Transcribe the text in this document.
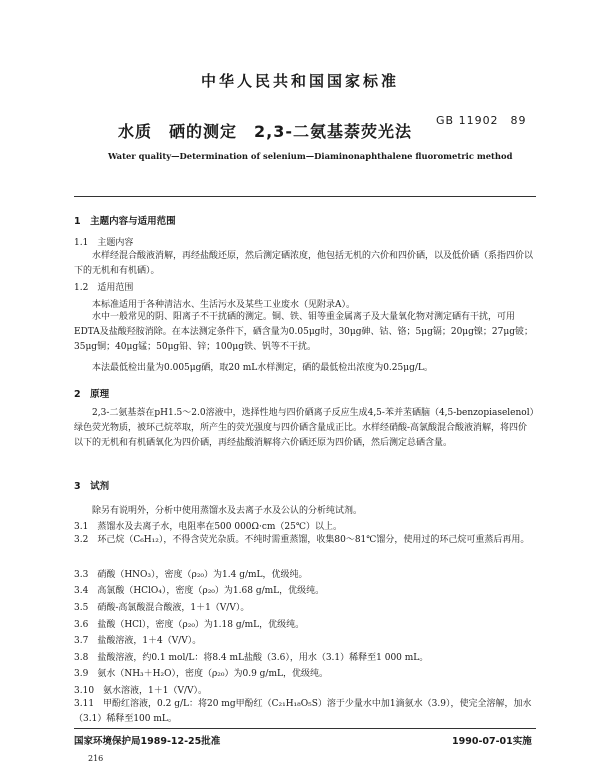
中华人民共和国国家标准
水质　硒的测定　2,3-二氨基萘荧光法
GB 11902　89
Water quality—Determination of selenium—Diaminonaphthalene fluorometric method
1　主题内容与适用范围
1.1　主题内容
水样经混合酸液消解，再经盐酸还原，然后测定硒浓度，他包括无机的六价和四价硒，以及低价硒（系指四价以下的无机和有机硒）。
1.2　适用范围
本标准适用于各种清洁水、生活污水及某些工业废水（见附录A）。
水中一般常见的阴、阳离子不干扰硒的测定。铜、铁、钼等重金属离子及大量氧化物对测定硒有干扰，可用EDTA及盐酸羟胺消除。在本法测定条件下，硒含量为0.05μg时，30μg砷、钴、铬；5μg镉；20μg镍；27μg铍；35μg铜；40μg锰；50μg铅、锌；100μg铁、钒等不干扰。
本法最低检出量为0.005μg硒，取20 mL水样测定，硒的最低检出浓度为0.25μg/L。
2　原理
2,3-二氨基萘在pH1.5～2.0溶液中，选择性地与四价硒离子反应生成4,5-苯并苤硒脑（4,5-benzopiaselenol）绿色荧光物质，被环己烷萃取，所产生的荧光强度与四价硒含量成正比。水样经硝酸-高氯酸混合酸液消解，将四价以下的无机和有机硒氧化为四价硒，再经盐酸消解将六价硒还原为四价硒，然后测定总硒含量。
3　试剂
除另有说明外，分析中使用蒸馏水及去离子水及公认的分析纯试剂。
3.1　蒸馏水及去离子水，电阻率在500 000Ω·cm（25℃）以上。
3.2　环己烷（C₆H₁₂），不得含荧光杂质。不纯时需重蒸馏，收集80～81℃馏分，使用过的环己烷可重蒸后再用。
3.3　硝酸（HNO₃），密度（ρ₂₀）为1.4 g/mL，优级纯。
3.4　高氯酸（HClO₄），密度（ρ₂₀）为1.68 g/mL，优级纯。
3.5　硝酸-高氯酸混合酸液，1＋1（V/V）。
3.6　盐酸（HCl），密度（ρ₂₀）为1.18 g/mL，优级纯。
3.7　盐酸溶液，1＋4（V/V）。
3.8　盐酸溶液，约0.1 mol/L：将8.4 mL盐酸（3.6），用水（3.1）稀释至1 000 mL。
3.9　氨水（NH₃＋H₂O），密度（ρ₂₀）为0.9 g/mL，优级纯。
3.10　氨水溶液，1＋1（V/V）。
3.11　甲酚红溶液，0.2 g/L：将20 mg甲酚红（C₂₁H₁₈O₅S）溶于少量水中加1滴氨水（3.9），使完全溶解，加水（3.1）稀释至100 mL。
国家环境保护局1989-12-25批准	1990-07-01实施
216
